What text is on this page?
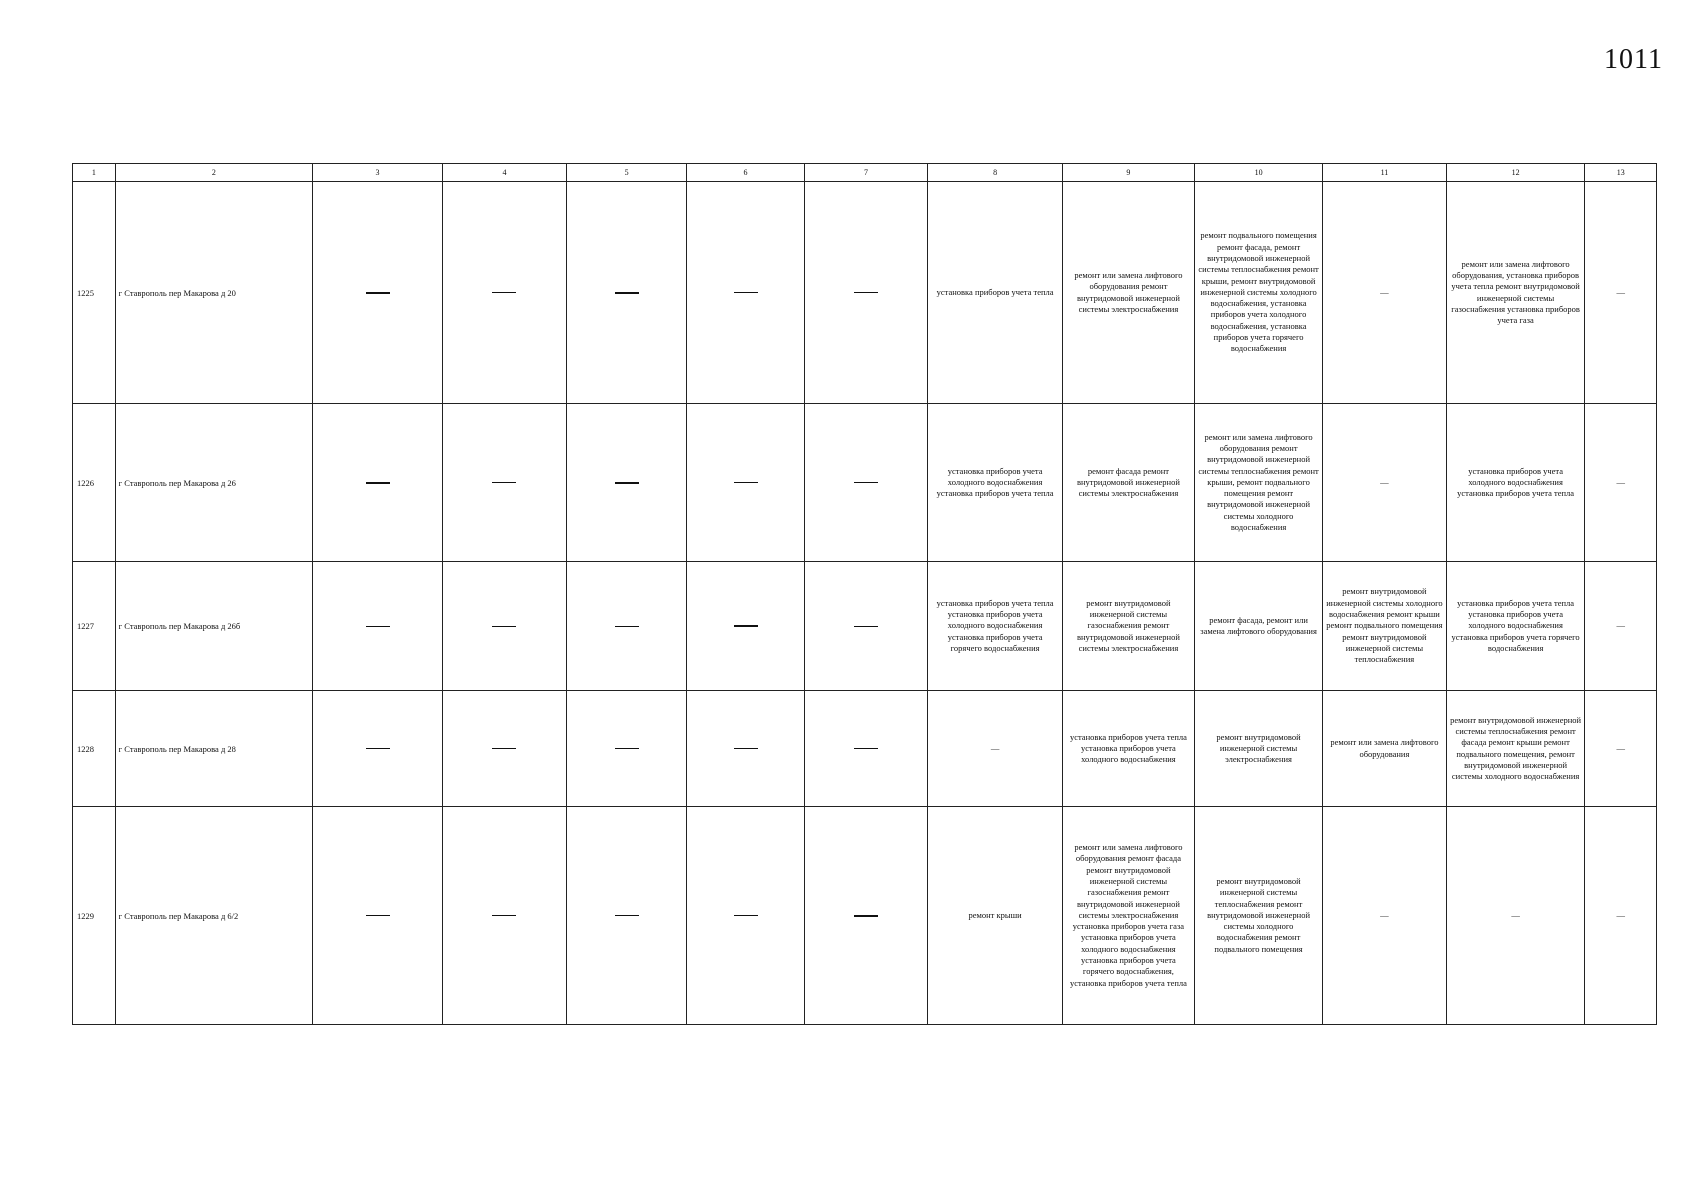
1011
1	2	3	4	5	6	7	8	9	10	11	12	13
1225	г Ставрополь пер Макарова д 20						установка приборов учета тепла	ремонт или замена лифтового оборудования ремонт внутридомовой инженерной системы электроснабжения	ремонт подвального помещения ремонт фасада, ремонт внутридомовой инженерной системы теплоснабжения ремонт крыши, ремонт внутридомовой инженерной системы холодного водоснабжения, установка приборов учета холодного водоснабжения, установка приборов учета горячего водоснабжения	—	ремонт или замена лифтового оборудования, установка приборов учета тепла ремонт внутридомовой инженерной системы газоснабжения установка приборов учета газа	—

1226	г Ставрополь пер Макарова д 26						установка приборов учета холодного водоснабжения установка приборов учета тепла	ремонт фасада ремонт внутридомовой инженерной системы электроснабжения	ремонт или замена лифтового оборудования ремонт внутридомовой инженерной системы теплоснабжения ремонт крыши, ремонт подвального помещения ремонт внутридомовой инженерной системы холодного водоснабжения	—	установка приборов учета холодного водоснабжения установка приборов учета тепла	—

1227	г Ставрополь пер Макарова д 26б						установка приборов учета тепла установка приборов учета холодного водоснабжения установка приборов учета горячего водоснабжения	ремонт внутридомовой инженерной системы газоснабжения ремонт внутридомовой инженерной системы электроснабжения	ремонт фасада, ремонт или замена лифтового оборудования	ремонт внутридомовой инженерной системы холодного водоснабжения ремонт крыши ремонт подвального помещения ремонт внутридомовой инженерной системы теплоснабжения	установка приборов учета тепла установка приборов учета холодного водоснабжения установка приборов учета горячего водоснабжения	—

1228	г Ставрополь пер Макарова д 28						—	установка приборов учета тепла установка приборов учета холодного водоснабжения	ремонт внутридомовой инженерной системы электроснабжения	ремонт или замена лифтового оборудования	ремонт внутридомовой инженерной системы теплоснабжения ремонт фасада ремонт крыши ремонт подвального помещения, ремонт внутридомовой инженерной системы холодного водоснабжения	—

1229	г Ставрополь пер Макарова д 6/2						ремонт крыши	ремонт или замена лифтового оборудования ремонт фасада ремонт внутридомовой инженерной системы газоснабжения ремонт внутридомовой инженерной системы электроснабжения установка приборов учета газа установка приборов учета холодного водоснабжения установка приборов учета горячего водоснабжения, установка приборов учета тепла	ремонт внутридомовой инженерной системы теплоснабжения ремонт внутридомовой инженерной системы холодного водоснабжения ремонт подвального помещения	—	—	—
